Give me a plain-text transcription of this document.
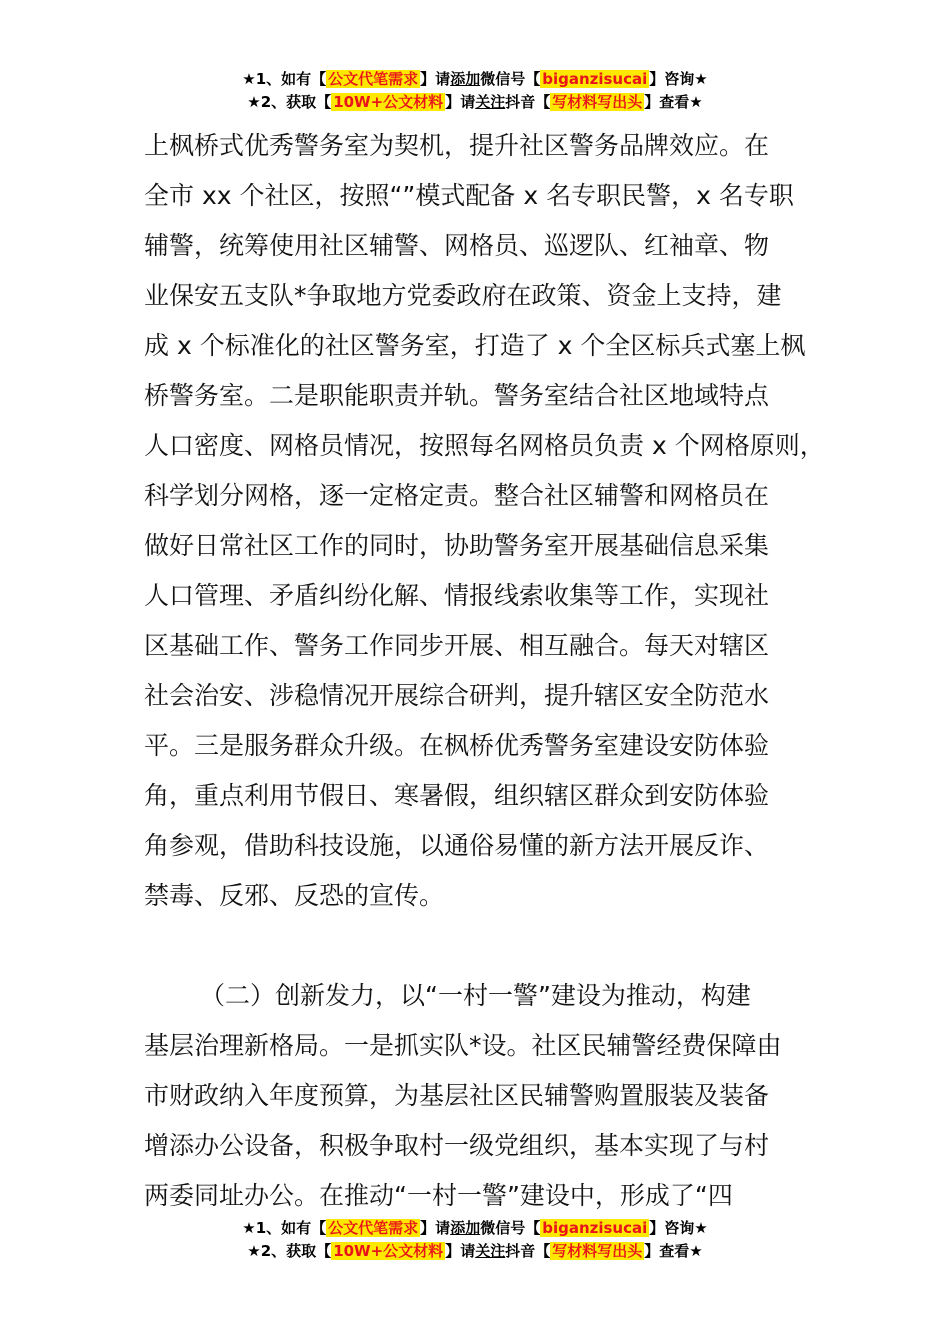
★1、如有【 公文代笔需求 】请添加微信号【 biganzisucai 】咨询★
★2、获取【 10W+公文材料 】请关注抖音【 写材料写出头 】查看★
上枫桥式优秀警务室为契机，提升社区警务品牌效应。在
全市 xx 个社区，按照“”模式配备 x 名专职民警，x 名专职
辅警，统筹使用社区辅警、网格员、巡逻队、红袖章、物
业保安五支队*争取地方党委政府在政策、资金上支持，建
成 x 个标准化的社区警务室，打造了 x 个全区标兵式塞上枫
桥警务室。二是职能职责并轨。警务室结合社区地域特点
人口密度、网格员情况，按照每名网格员负责 x 个网格原则，
科学划分网格，逐一定格定责。整合社区辅警和网格员在
做好日常社区工作的同时，协助警务室开展基础信息采集
人口管理、矛盾纠纷化解、情报线索收集等工作，实现社
区基础工作、警务工作同步开展、相互融合。每天对辖区
社会治安、涉稳情况开展综合研判，提升辖区安全防范水
平。三是服务群众升级。在枫桥优秀警务室建设安防体验
角，重点利用节假日、寒暑假，组织辖区群众到安防体验
角参观，借助科技设施，以通俗易懂的新方法开展反诈、
禁毒、反邪、反恐的宣传。
（二）创新发力，以“一村一警”建设为推动，构建
基层治理新格局。一是抓实队*设。社区民辅警经费保障由
市财政纳入年度预算，为基层社区民辅警购置服装及装备
增添办公设备，积极争取村一级党组织，基本实现了与村
两委同址办公。在推动“一村一警”建设中，形成了“四
★1、如有【 公文代笔需求 】请添加微信号【 biganzisucai 】咨询★
★2、获取【 10W+公文材料 】请关注抖音【 写材料写出头 】查看★
